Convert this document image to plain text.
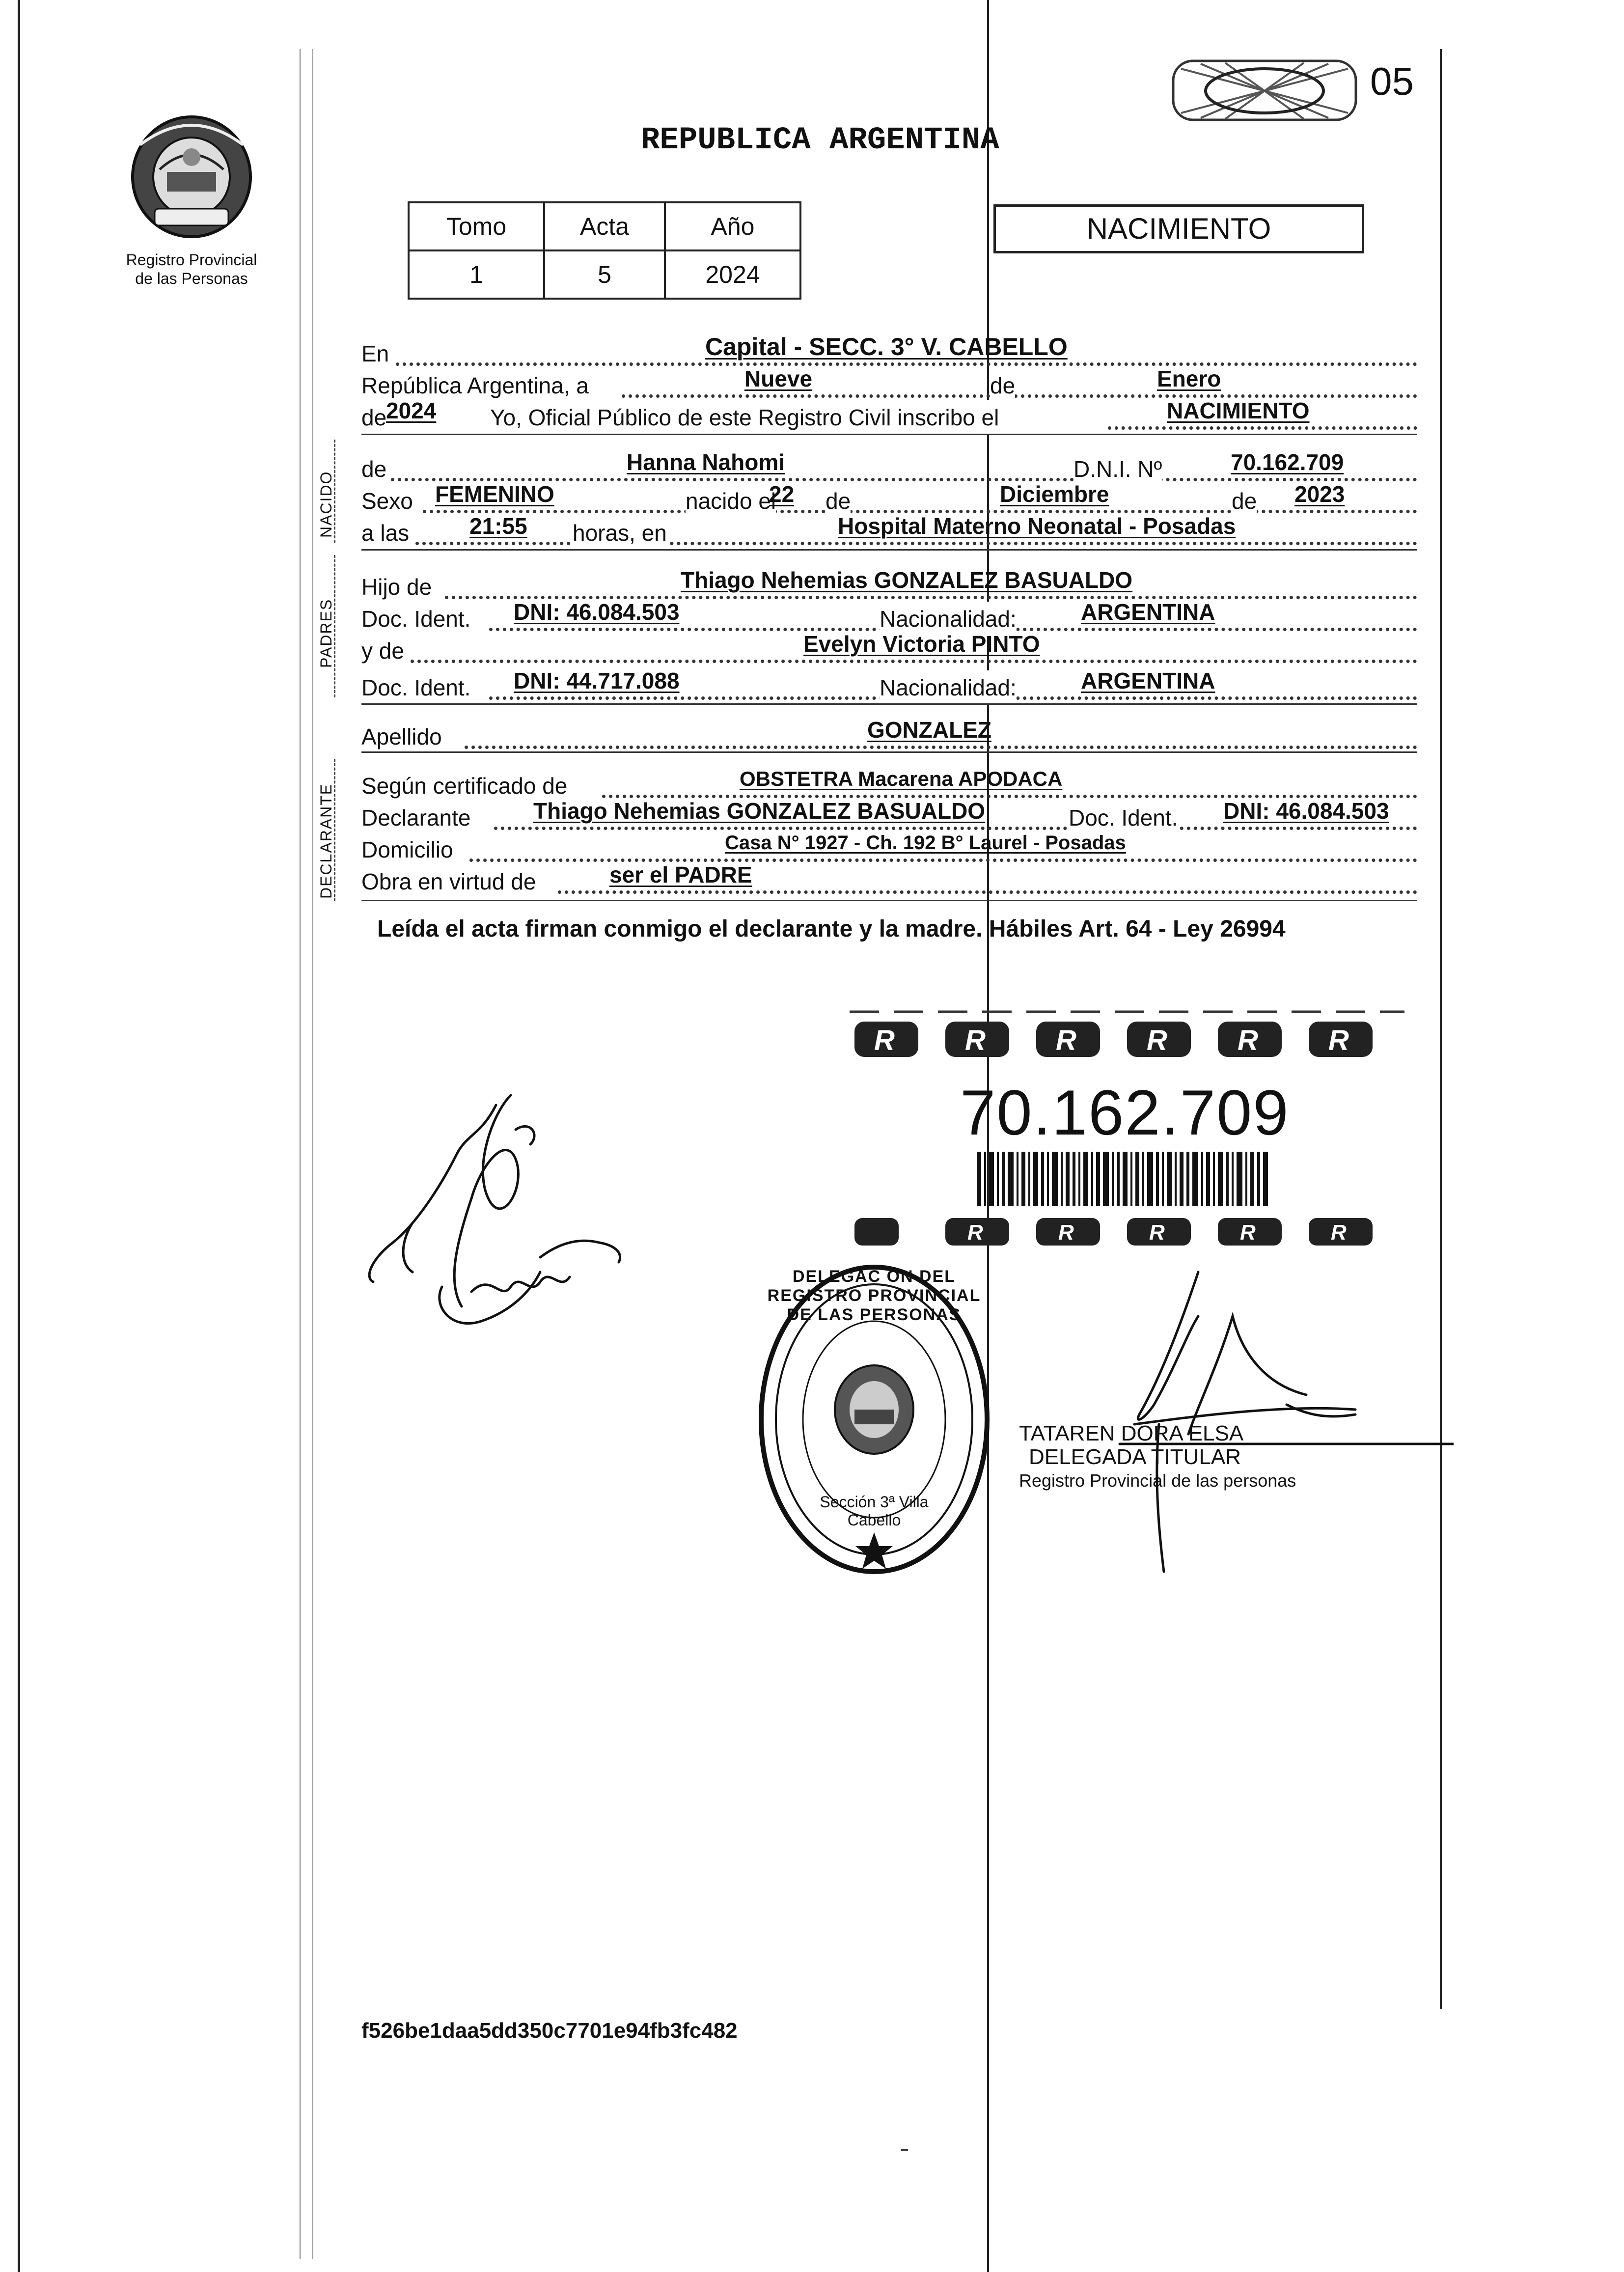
Registro Provincial
de las Personas
05
REPUBLICA ARGENTINA
Tomo	Acta	Año
1	5	2024
NACIMIENTO
En	Capital - SECC. 3° V. CABELLO
República Argentina, a	Nueve	de	Enero
de
2024 Yo, Oficial Público de este Registro Civil inscribo el	NACIMIENTO
NACIDO
de	Hanna Nahomi	D.N.I. Nº	70.162.709
Sexo FEMENINO	nacido el
22 de	Diciembre	de 2023
a las	21:55 horas, en	Hospital Materno Neonatal - Posadas
PADRES
Hijo de	Thiago Nehemias GONZALEZ BASUALDO
Doc. Ident. DNI: 46.084.503	Nacionalidad:	ARGENTINA
y de	Evelyn Victoria PINTO
Doc. Ident. DNI: 44.717.088	Nacionalidad:	ARGENTINA
Apellido	GONZALEZ
DECLARANTE Según certificado de	OBSTETRA Macarena APODACA
Declarante	Thiago Nehemias GONZALEZ BASUALDO	Doc. Ident. DNI: 46.084.503
Domicilio	Casa N° 1927 - Ch. 192 B° Laurel - Posadas
Obra en virtud de	ser el PADRE
Leída el acta firman conmigo el declarante y la madre. Hábiles Art. 64 - Ley 26994
R R R R R R
70.162.709
R	R	R	R	R
DELEGAC ON DEL REGISTRO PROVINCIAL DE LAS PERSONAS
Sección 3ª Villa Cabello
TATAREN DORA ELSA
DELEGADA TITULAR
Registro Provincial de las personas
f526be1daa5dd350c7701e94fb3fc482
